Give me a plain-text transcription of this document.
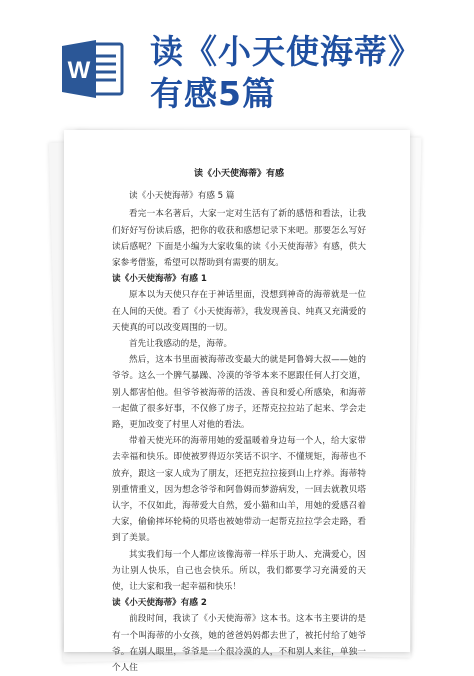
W 读《小天使海蒂》
有感5篇
读《小天使海蒂》有感
读《小天使海蒂》有感 5 篇
看完一本名著后，大家一定对生活有了新的感悟和看法，让我们好好写份读后感，把你的收获和感想记录下来吧。那要怎么写好读后感呢？下面是小编为大家收集的读《小天使海蒂》有感，供大家参考借鉴，希望可以帮助到有需要的朋友。
读《小天使海蒂》有感 1
原本以为天使只存在于神话里面，没想到神奇的海蒂就是一位在人间的天使。看了《小天使海蒂》，我发现善良、纯真又充满爱的天使真的可以改变周围的一切。
首先让我感动的是，海蒂。
然后，这本书里面被海蒂改变最大的就是阿鲁姆大叔——她的爷爷。这么一个脾气暴躁、冷漠的爷爷本来不愿跟任何人打交道，别人都害怕他。但爷爷被海蒂的活泼、善良和爱心所感染，和海蒂一起做了很多好事，不仅修了房子，还帮克拉拉站了起来、学会走路，更加改变了村里人对他的看法。
带着天使光环的海蒂用她的爱温暖着身边每一个人，给大家带去幸福和快乐。即使被罗得迈尔笑话不识字、不懂规矩，海蒂也不放弃，跟这一家人成为了朋友，还把克拉拉接到山上疗养。海蒂特别重情重义，因为想念爷爷和阿鲁姆而梦游病发，一回去就教贝塔认字，不仅如此，海蒂爱大自然，爱小猫和山羊，用她的爱感召着大家，偷偷摔坏轮椅的贝塔也被她带动一起帮克拉拉学会走路，看到了美景。
其实我们每一个人都应该像海蒂一样乐于助人、充满爱心，因为让别人快乐，自己也会快乐。所以，我们都要学习充满爱的天使，让大家和我一起幸福和快乐！
读《小天使海蒂》有感 2
前段时间，我读了《小天使海蒂》这本书。这本书主要讲的是有一个叫海蒂的小女孩，她的爸爸妈妈都去世了，被托付给了她爷爷。在别人眼里，爷爷是一个很冷漠的人，不和别人来往，单独一个人住
